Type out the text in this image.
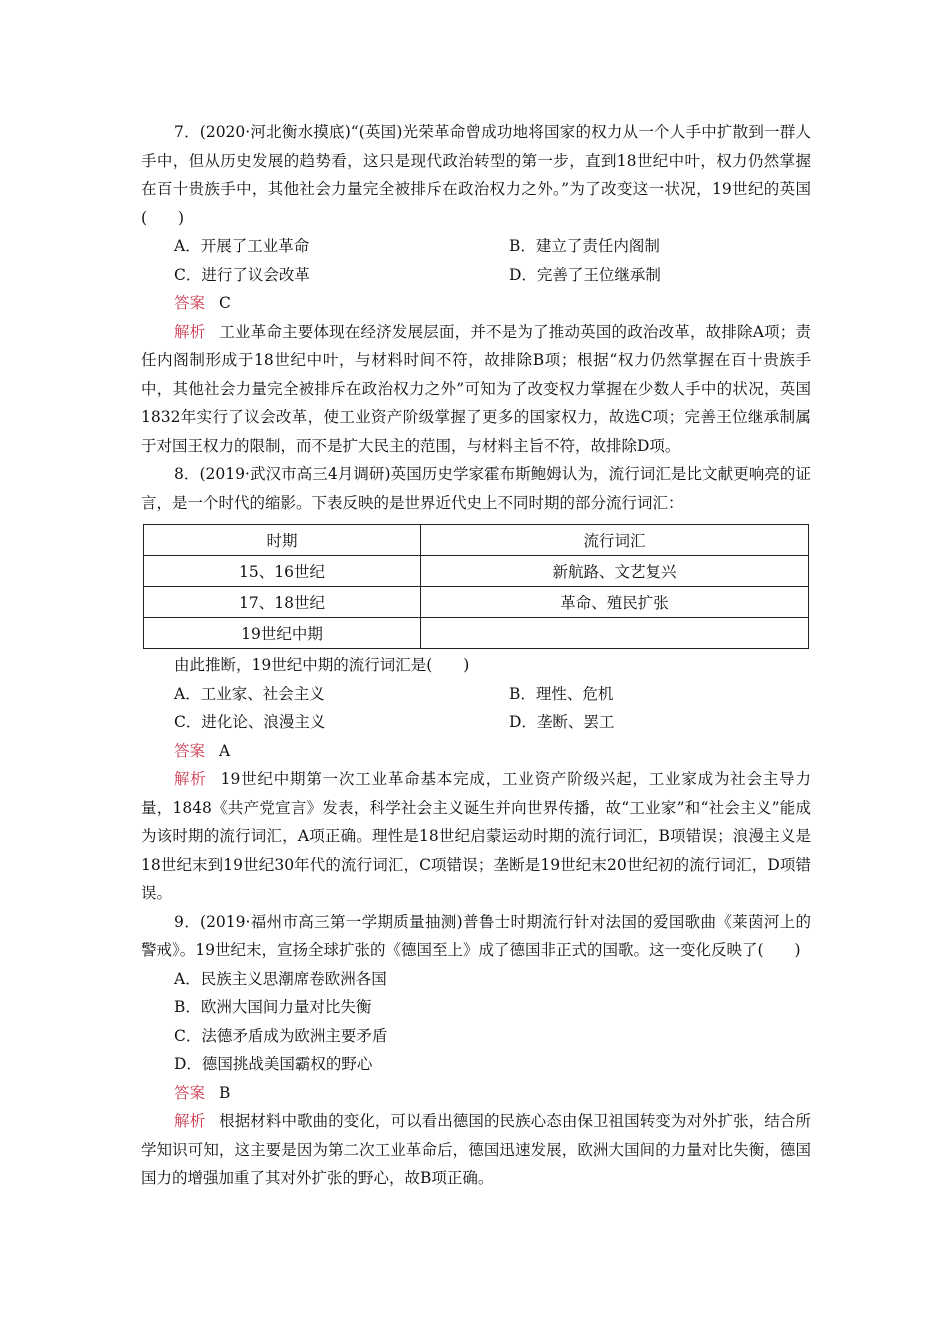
7．(2020·河北衡水摸底)“(英国)光荣革命曾成功地将国家的权力从一个人手中扩散到一群人手中，但从历史发展的趋势看，这只是现代政治转型的第一步，直到18世纪中叶，权力仍然掌握在百十贵族手中，其他社会力量完全被排斥在政治权力之外。”为了改变这一状况，19世纪的英国(　　)

A．开展了工业革命	B．建立了责任内阁制
C．进行了议会改革	D．完善了王位继承制
答案 C

解析 工业革命主要体现在经济发展层面，并不是为了推动英国的政治改革，故排除A项；责任内阁制形成于18世纪中叶，与材料时间不符，故排除B项；根据“权力仍然掌握在百十贵族手中，其他社会力量完全被排斥在政治权力之外”可知为了改变权力掌握在少数人手中的状况，英国1832年实行了议会改革，使工业资产阶级掌握了更多的国家权力，故选C项；完善王位继承制属于对国王权力的限制，而不是扩大民主的范围，与材料主旨不符，故排除D项。

8．(2019·武汉市高三4月调研)英国历史学家霍布斯鲍姆认为，流行词汇是比文献更响亮的证言，是一个时代的缩影。下表反映的是世界近代史上不同时期的部分流行词汇：

时期	流行词汇
15、16世纪	新航路、文艺复兴
17、18世纪	革命、殖民扩张
19世纪中期	
由此推断，19世纪中期的流行词汇是(　　)
A．工业家、社会主义	B．理性、危机
C．进化论、浪漫主义	D．垄断、罢工
答案 A

解析 19世纪中期第一次工业革命基本完成，工业资产阶级兴起，工业家成为社会主导力量，1848《共产党宣言》发表，科学社会主义诞生并向世界传播，故“工业家”和“社会主义”能成为该时期的流行词汇，A项正确。理性是18世纪启蒙运动时期的流行词汇，B项错误；浪漫主义是18世纪末到19世纪30年代的流行词汇，C项错误；垄断是19世纪末20世纪初的流行词汇，D项错误。

9．(2019·福州市高三第一学期质量抽测)普鲁士时期流行针对法国的爱国歌曲《莱茵河上的警戒》。19世纪末，宣扬全球扩张的《德国至上》成了德国非正式的国歌。这一变化反映了(　　)

A．民族主义思潮席卷欧洲各国
B．欧洲大国间力量对比失衡
C．法德矛盾成为欧洲主要矛盾
D．德国挑战美国霸权的野心
答案 B

解析 根据材料中歌曲的变化，可以看出德国的民族心态由保卫祖国转变为对外扩张，结合所学知识可知，这主要是因为第二次工业革命后，德国迅速发展，欧洲大国间的力量对比失衡，德国国力的增强加重了其对外扩张的野心，故B项正确。
